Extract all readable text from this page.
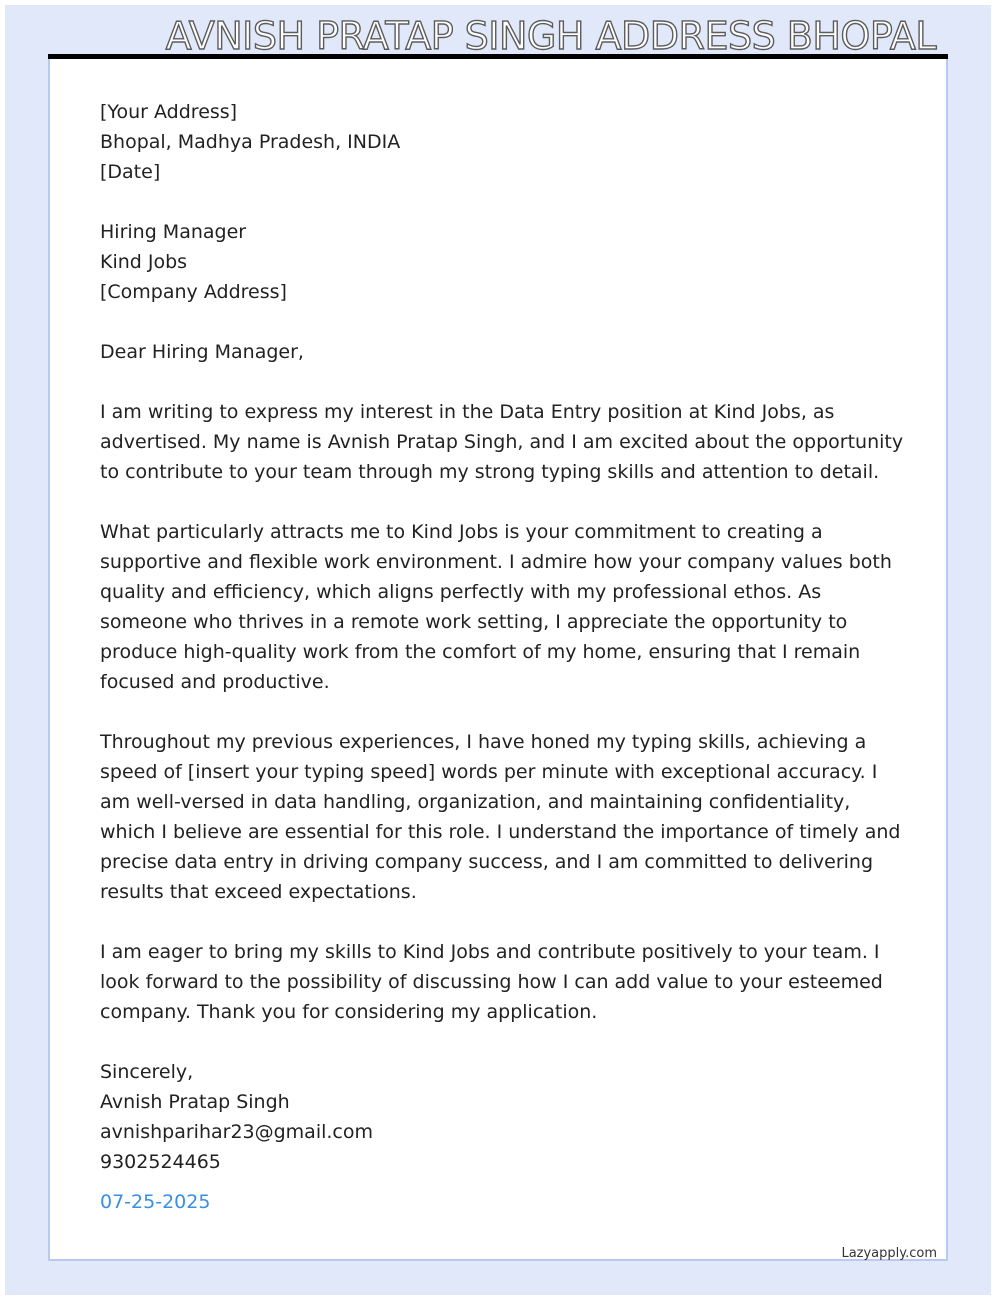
AVNISH PRATAP SINGH ADDRESS BHOPAL
[Your Address]
Bhopal, Madhya Pradesh, INDIA
[Date]
Hiring Manager
Kind Jobs
[Company Address]
Dear Hiring Manager,
I am writing to express my interest in the Data Entry position at Kind Jobs, as advertised. My name is Avnish Pratap Singh, and I am excited about the opportunity to contribute to your team through my strong typing skills and attention to detail.
What particularly attracts me to Kind Jobs is your commitment to creating a supportive and flexible work environment. I admire how your company values both quality and efficiency, which aligns perfectly with my professional ethos. As someone who thrives in a remote work setting, I appreciate the opportunity to produce high-quality work from the comfort of my home, ensuring that I remain focused and productive.
Throughout my previous experiences, I have honed my typing skills, achieving a speed of [insert your typing speed] words per minute with exceptional accuracy. I am well-versed in data handling, organization, and maintaining confidentiality, which I believe are essential for this role. I understand the importance of timely and precise data entry in driving company success, and I am committed to delivering results that exceed expectations.
I am eager to bring my skills to Kind Jobs and contribute positively to your team. I look forward to the possibility of discussing how I can add value to your esteemed company. Thank you for considering my application.
Sincerely,
Avnish Pratap Singh
avnishparihar23@gmail.com
9302524465
07-25-2025
Lazyapply.com
